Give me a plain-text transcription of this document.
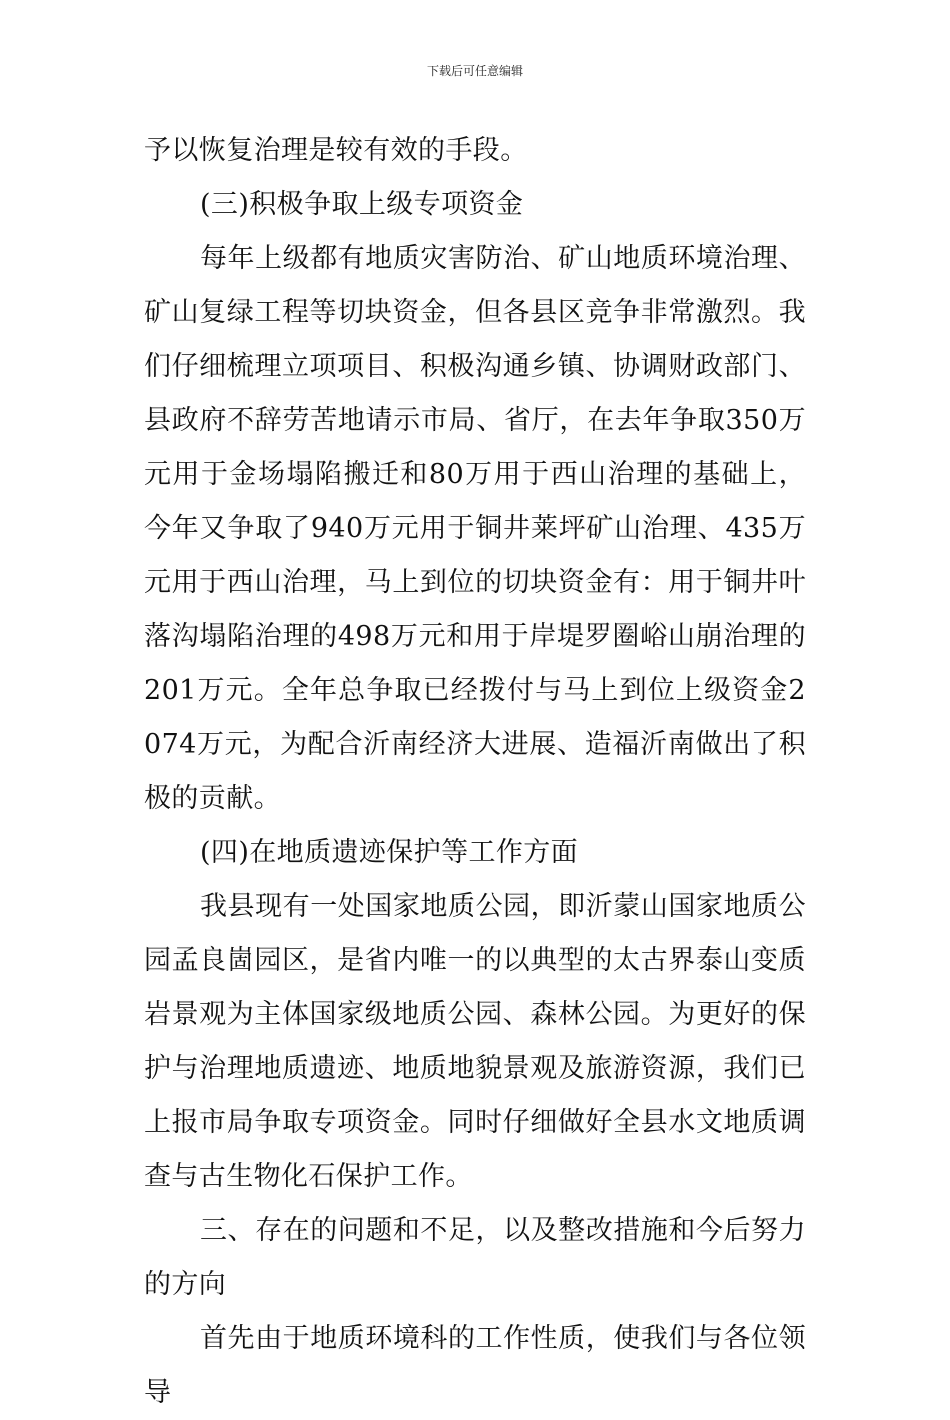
下载后可任意编辑

予以恢复治理是较有效的手段。

(三)积极争取上级专项资金

每年上级都有地质灾害防治、矿山地质环境治理、矿山复绿工程等切块资金，但各县区竞争非常激烈。我们仔细梳理立项项目、积极沟通乡镇、协调财政部门、县政府不辞劳苦地请示市局、省厅，在去年争取350万元用于金场塌陷搬迁和80万用于西山治理的基础上，今年又争取了940万元用于铜井莱坪矿山治理、435万元用于西山治理，马上到位的切块资金有：用于铜井叶落沟塌陷治理的498万元和用于岸堤罗圈峪山崩治理的201万元。全年总争取已经拨付与马上到位上级资金2074万元，为配合沂南经济大进展、造福沂南做出了积极的贡献。

(四)在地质遗迹保护等工作方面

我县现有一处国家地质公园，即沂蒙山国家地质公园孟良崮园区，是省内唯一的以典型的太古界泰山变质岩景观为主体国家级地质公园、森林公园。为更好的保护与治理地质遗迹、地质地貌景观及旅游资源，我们已上报市局争取专项资金。同时仔细做好全县水文地质调查与古生物化石保护工作。

三、存在的问题和不足，以及整改措施和今后努力的方向

首先由于地质环境科的工作性质，使我们与各位领导
